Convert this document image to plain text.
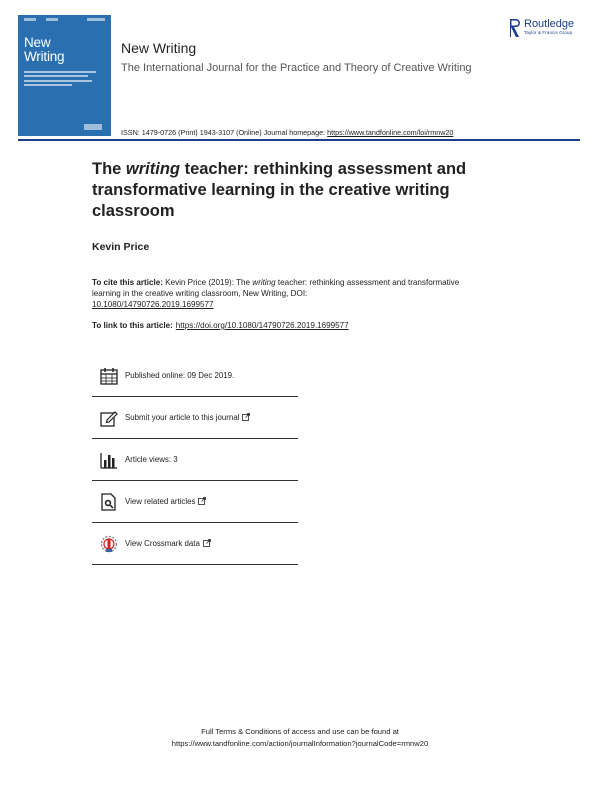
New
Writing
Routledge
Taylor & Francis Group
New Writing
The International Journal for the Practice and Theory of Creative Writing
ISSN: 1479-0726 (Print) 1943-3107 (Online) Journal homepage: https://www.tandfonline.com/loi/rmnw20
The writing teacher: rethinking assessment and transformative learning in the creative writing classroom
Kevin Price
To cite this article: Kevin Price (2019): The writing teacher: rethinking assessment and transformative learning in the creative writing classroom, New Writing, DOI:
10.1080/14790726.2019.1699577
To link to this article: https://doi.org/10.1080/14790726.2019.1699577
Published online: 09 Dec 2019.
Submit your article to this journal
Article views: 3
View related articles
View Crossmark data
Full Terms & Conditions of access and use can be found at
https://www.tandfonline.com/action/journalInformation?journalCode=rmnw20
